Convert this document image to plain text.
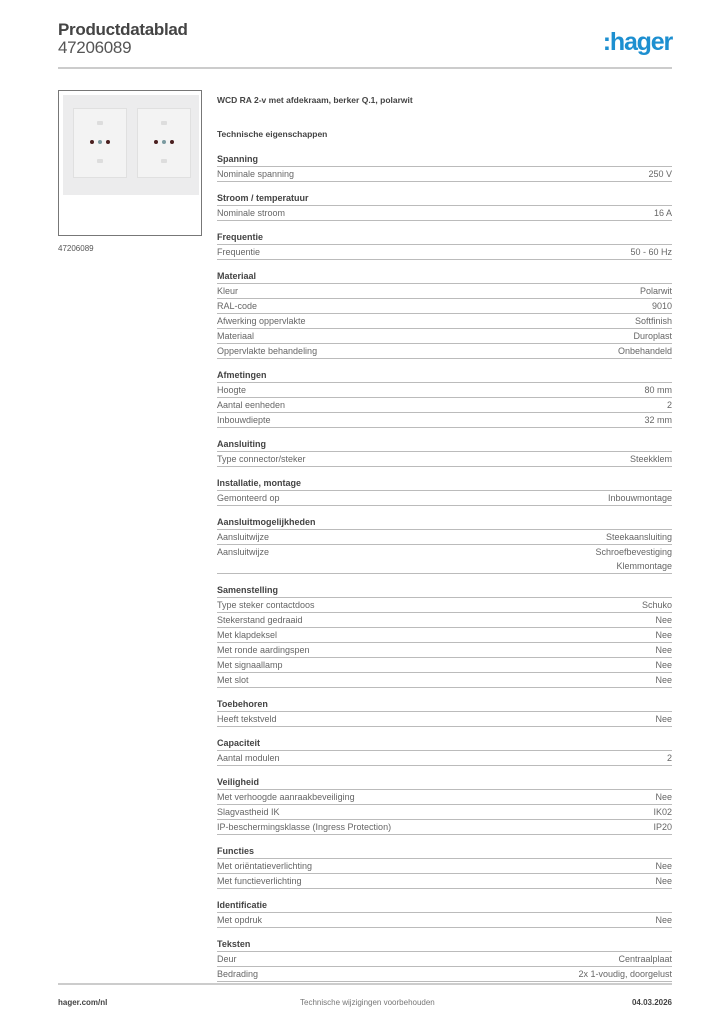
Productdatablad
47206089	:hager
47206089
WCD RA 2-v met afdekraam, berker Q.1, polarwit
Technische eigenschappen
Spanning
Nominale spanning	250 V
Stroom / temperatuur
Nominale stroom	16 A
Frequentie
Frequentie	50 - 60 Hz
Materiaal
Kleur	Polarwit
RAL-code	9010
Afwerking oppervlakte	Softfinish
Materiaal	Duroplast
Oppervlakte behandeling	Onbehandeld
Afmetingen
Hoogte	80 mm
Aantal eenheden	2
Inbouwdiepte	32 mm
Aansluiting
Type connector/steker	Steekklem
Installatie, montage
Gemonteerd op	Inbouwmontage
Aansluitmogelijkheden
Aansluitwijze	Steekaansluiting
Aansluitwijze	Schroefbevestiging
Klemmontage
Samenstelling
Type steker contactdoos	Schuko
Stekerstand gedraaid	Nee
Met klapdeksel	Nee
Met ronde aardingspen	Nee
Met signaallamp	Nee
Met slot	Nee
Toebehoren
Heeft tekstveld	Nee
Capaciteit
Aantal modulen	2
Veiligheid
Met verhoogde aanraakbeveiliging	Nee
Slagvastheid IK	IK02
IP-beschermingsklasse (Ingress Protection)	IP20
Functies
Met oriëntatieverlichting	Nee
Met functieverlichting	Nee
Identificatie
Met opdruk	Nee
Teksten
Deur	Centraalplaat
Bedrading	2x 1-voudig, doorgelust
hager.com/nl	Technische wijzigingen voorbehouden	04.03.2026
